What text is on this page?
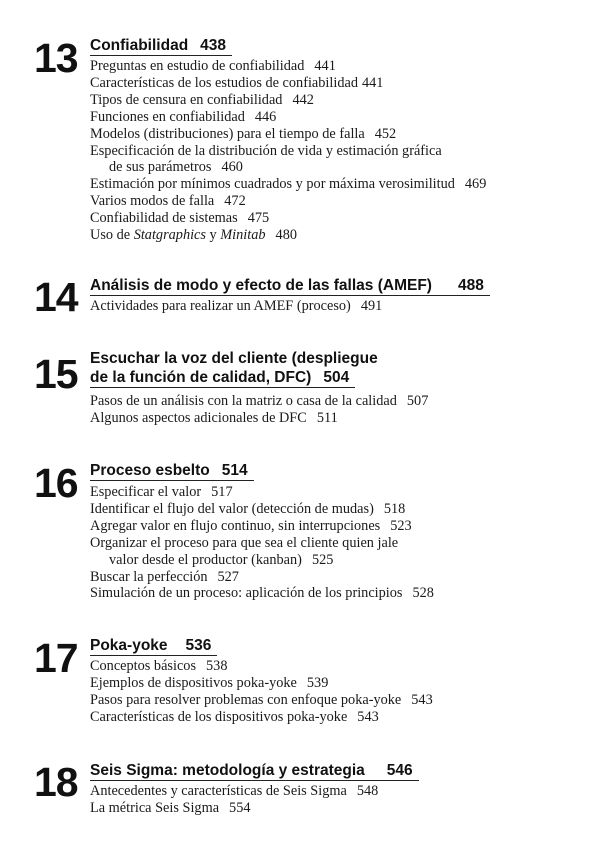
13 Confiabilidad 438
Preguntas en estudio de confiabilidad 441
Características de los estudios de confiabilidad 441
Tipos de censura en confiabilidad 442
Funciones en confiabilidad 446
Modelos (distribuciones) para el tiempo de falla 452
Especificación de la distribución de vida y estimación gráfica
de sus parámetros 460
Estimación por mínimos cuadrados y por máxima verosimilitud 469
Varios modos de falla 472
Confiabilidad de sistemas 475
Uso de Statgraphics y Minitab 480
14 Análisis de modo y efecto de las fallas (AMEF) 488
Actividades para realizar un AMEF (proceso) 491
15 Escuchar la voz del cliente (despliegue
de la función de calidad, DFC) 504
Pasos de un análisis con la matriz o casa de la calidad 507
Algunos aspectos adicionales de DFC 511
16 Proceso esbelto 514
Especificar el valor 517
Identificar el flujo del valor (detección de mudas) 518
Agregar valor en flujo continuo, sin interrupciones 523
Organizar el proceso para que sea el cliente quien jale
valor desde el productor (kanban) 525
Buscar la perfección 527
Simulación de un proceso: aplicación de los principios 528
17 Poka-yoke 536
Conceptos básicos 538
Ejemplos de dispositivos poka-yoke 539
Pasos para resolver problemas con enfoque poka-yoke 543
Características de los dispositivos poka-yoke 543
18 Seis Sigma: metodología y estrategia 546
Antecedentes y características de Seis Sigma 548
La métrica Seis Sigma 554
